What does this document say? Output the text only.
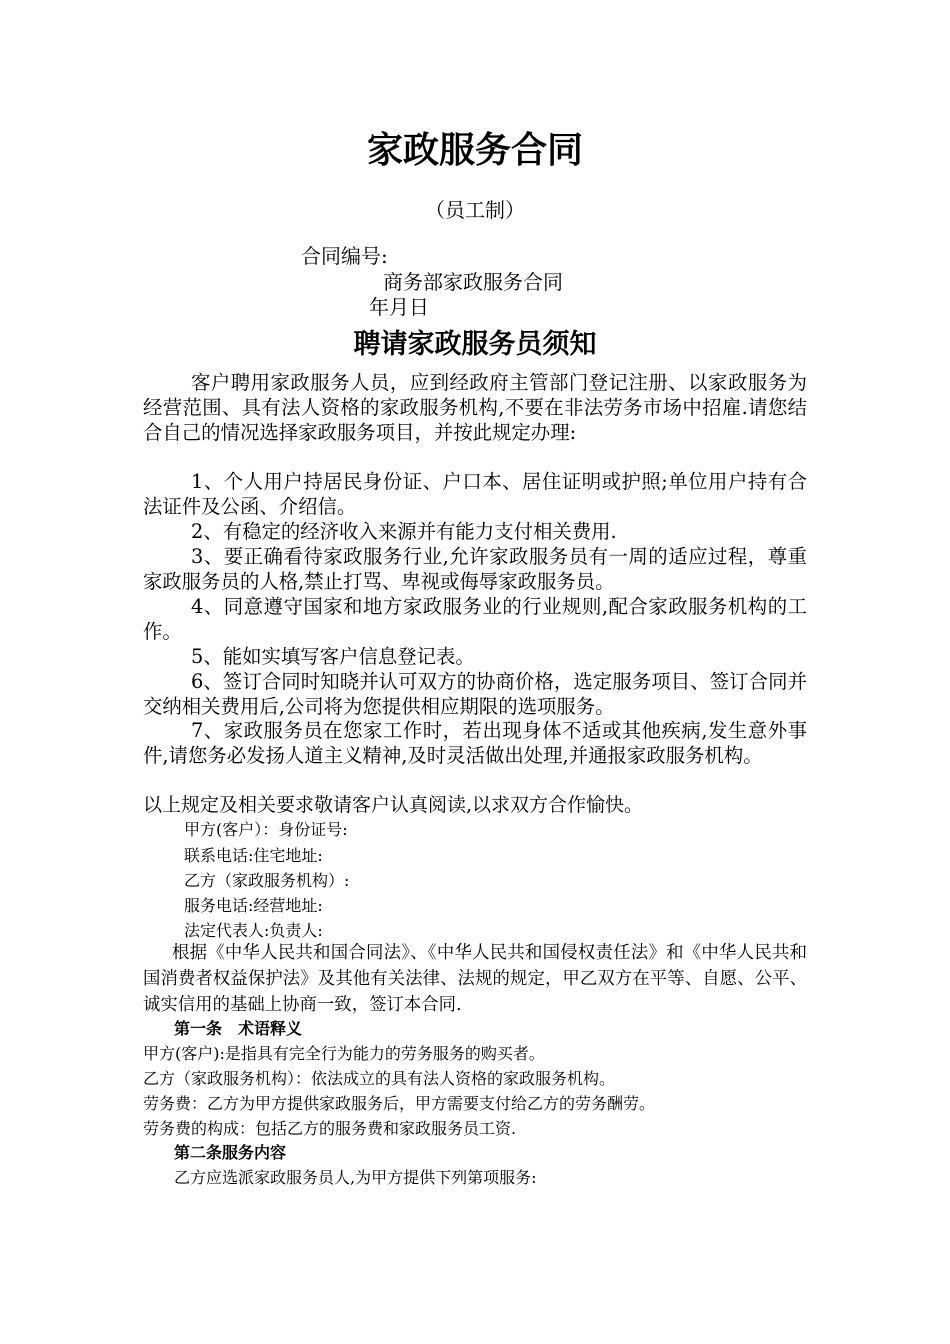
家政服务合同
（员工制）
合同编号:
商务部家政服务合同
年月日
聘请家政服务员须知
客户聘用家政服务人员，应到经政府主管部门登记注册、以家政服务为经营范围、具有法人资格的家政服务机构,不要在非法劳务市场中招雇.请您结合自己的情况选择家政服务项目，并按此规定办理:
1、个人用户持居民身份证、户口本、居住证明或护照;单位用户持有合法证件及公函、介绍信。
2、有稳定的经济收入来源并有能力支付相关费用.
3、要正确看待家政服务行业,允许家政服务员有一周的适应过程，尊重家政服务员的人格,禁止打骂、卑视或侮辱家政服务员。
4、同意遵守国家和地方家政服务业的行业规则,配合家政服务机构的工作。
5、能如实填写客户信息登记表。
6、签订合同时知晓并认可双方的协商价格，选定服务项目、签订合同并交纳相关费用后,公司将为您提供相应期限的选项服务。
7、家政服务员在您家工作时，若出现身体不适或其他疾病,发生意外事件,请您务必发扬人道主义精神,及时灵活做出处理,并通报家政服务机构。
以上规定及相关要求敬请客户认真阅读,以求双方合作愉快。
甲方(客户）：身份证号:
联系电话:住宅地址:
乙方（家政服务机构）:
服务电话:经营地址:
法定代表人:负责人:
根据《中华人民共和国合同法》、《中华人民共和国侵权责任法》和《中华人民共和国消费者权益保护法》及其他有关法律、法规的规定，甲乙双方在平等、自愿、公平、诚实信用的基础上协商一致，签订本合同.
第一条　术语释义
甲方(客户):是指具有完全行为能力的劳务服务的购买者。
乙方（家政服务机构）：依法成立的具有法人资格的家政服务机构。
劳务费：乙方为甲方提供家政服务后，甲方需要支付给乙方的劳务酬劳。
劳务费的构成：包括乙方的服务费和家政服务员工资.
第二条服务内容
乙方应选派家政服务员人,为甲方提供下列第项服务:
